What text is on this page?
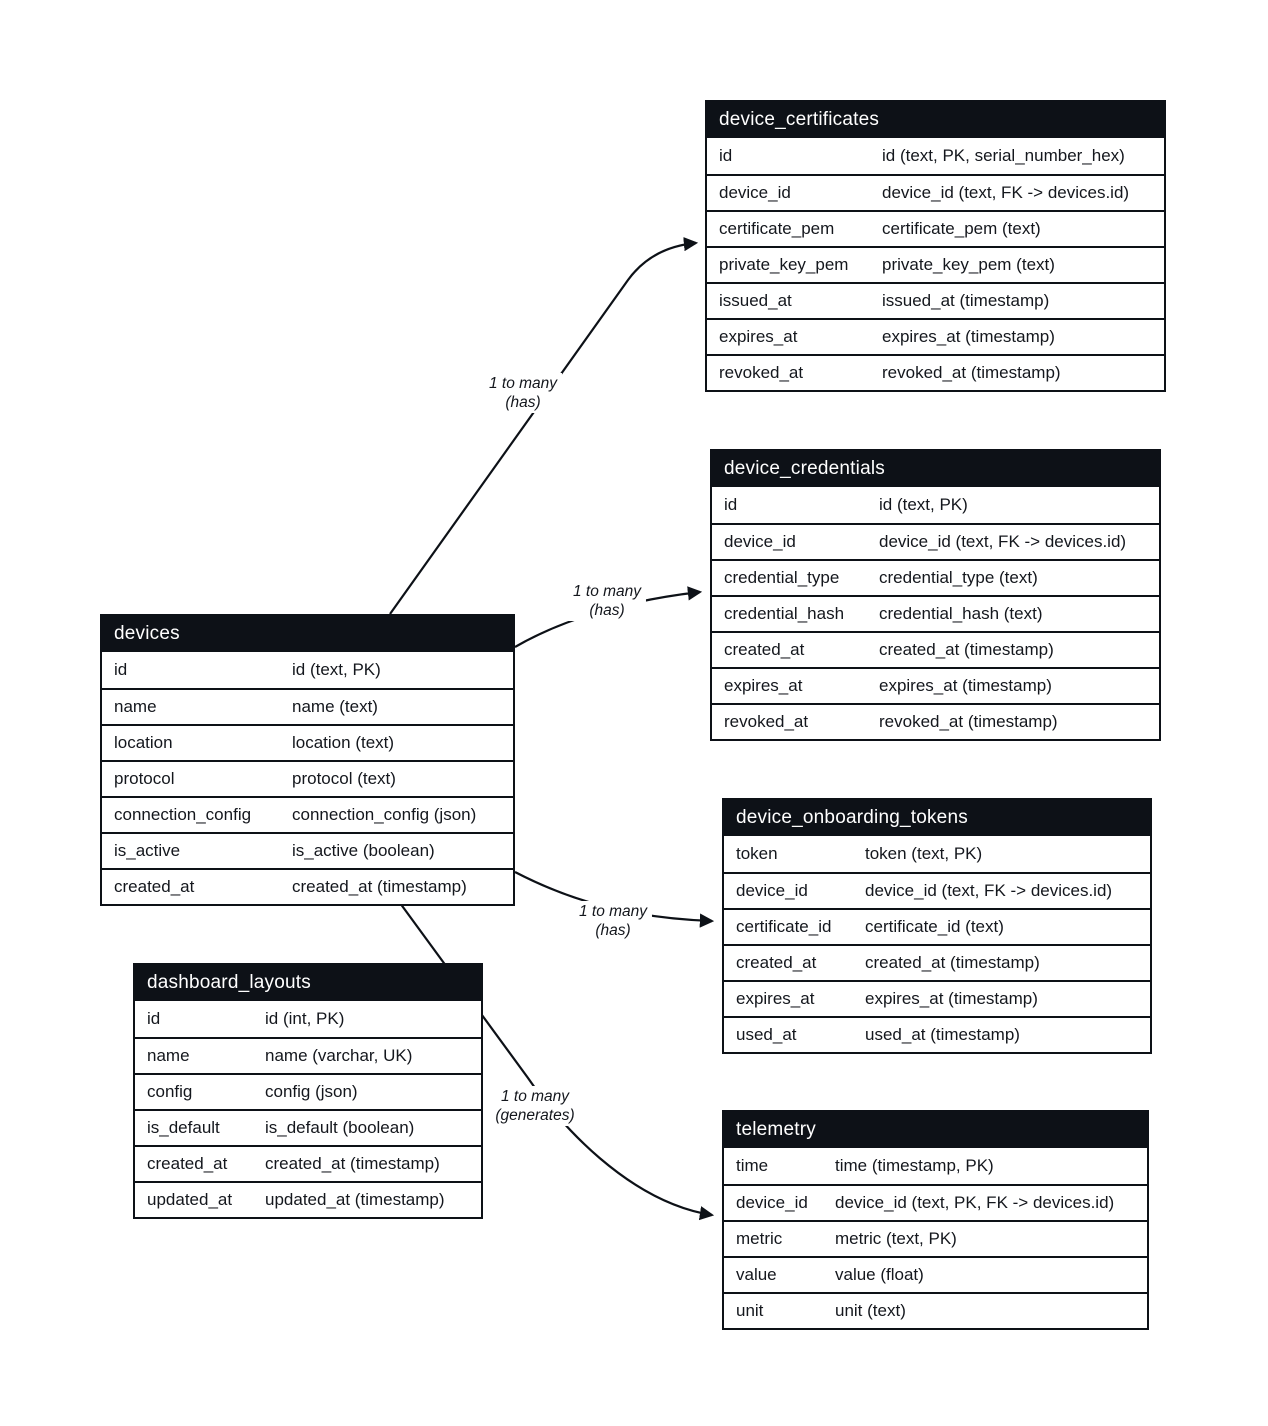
1 to many
(has)
1 to many
(has)
1 to many
(has)
1 to many
(generates)
device_certificates
id	id (text, PK, serial_number_hex)
device_id	device_id (text, FK -> devices.id)
certificate_pem	certificate_pem (text)
private_key_pem	private_key_pem (text)
issued_at	issued_at (timestamp)
expires_at	expires_at (timestamp)
revoked_at	revoked_at (timestamp)
device_credentials
id	id (text, PK)
device_id	device_id (text, FK -> devices.id)
credential_type	credential_type (text)
credential_hash	credential_hash (text)
created_at	created_at (timestamp)
expires_at	expires_at (timestamp)
revoked_at	revoked_at (timestamp)
devices
id	id (text, PK)
name	name (text)
location	location (text)
protocol	protocol (text)
connection_config	connection_config (json)
is_active	is_active (boolean)
created_at	created_at (timestamp)
device_onboarding_tokens
token	token (text, PK)
device_id	device_id (text, FK -> devices.id)
certificate_id	certificate_id (text)
created_at	created_at (timestamp)
expires_at	expires_at (timestamp)
used_at	used_at (timestamp)
dashboard_layouts
id	id (int, PK)
name	name (varchar, UK)
config	config (json)
is_default	is_default (boolean)
created_at	created_at (timestamp)
updated_at	updated_at (timestamp)
telemetry
time	time (timestamp, PK)
device_id	device_id (text, PK, FK -> devices.id)
metric	metric (text, PK)
value	value (float)
unit	unit (text)
